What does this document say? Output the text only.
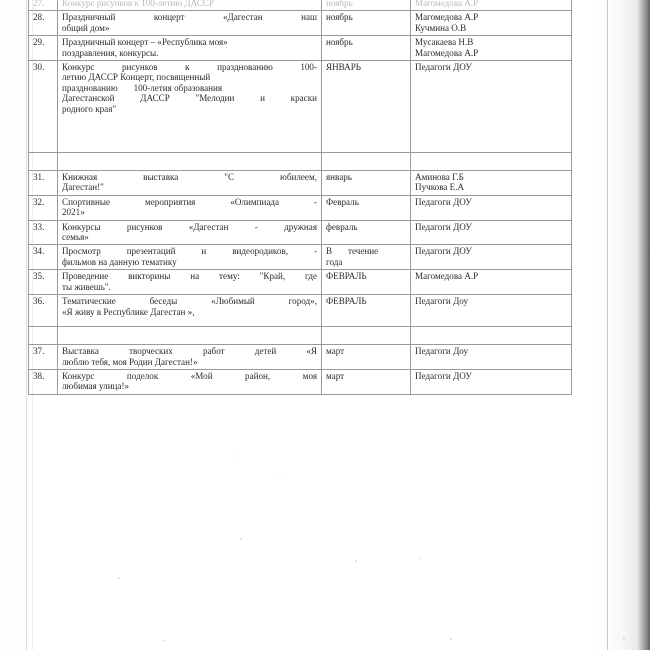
27.	Конкурс рисунков к 100-летию ДАССР	ноябрь	Магомедова А.Р
28.	Праздничный концерт «Дагестан наш
общий дом»	ноябрь	Магомедова А.Р
Кучмина О.В

29.	Праздничный концерт – «Республика моя»
поздравления, конкурсы.	ноябрь	Мусакаева Н.В
Магомедова А.Р

30.	Конкурс рисунков к празднованию 100-
летию ДАССР Концерт, посвященный
празднованию       100-летия образования
Дагестанской ДАССР "Мелодии и краски
родного края"	ЯНВАРЬ	Педагоги ДОУ

31.	Книжная выставка "С юбилеем,
Дагестан!"	январь	Аминова Г.Б
Пучкова Е.А

32.	Спортивные мероприятия «Олимпиада -
2021»	Февраль	Педагоги ДОУ
33.	Конкурсы рисунков «Дагестан - дружная
семья»	февраль	Педагоги ДОУ
34.	Просмотр презентаций и видеородиков, -
фильмов на данную тематику	В       течение
года	Педагоги ДОУ
35.	Проведение викторины на тему: "Край, где
ты живешь".	ФЕВРАЛЬ	Магомедова А.Р
36.	Тематические беседы «Любимый город»,
«Я живу в Республике Дагестан »,	ФЕВРАЛЬ	Педагоги Доу

37.	Выставка творческих работ детей «Я
люблю тебя, моя Родин Дагестан!»	март	Педагоги Доу
38.	Конкурс поделок «Мой район, моя
любимая улица!»	март	Педагоги ДОУ
